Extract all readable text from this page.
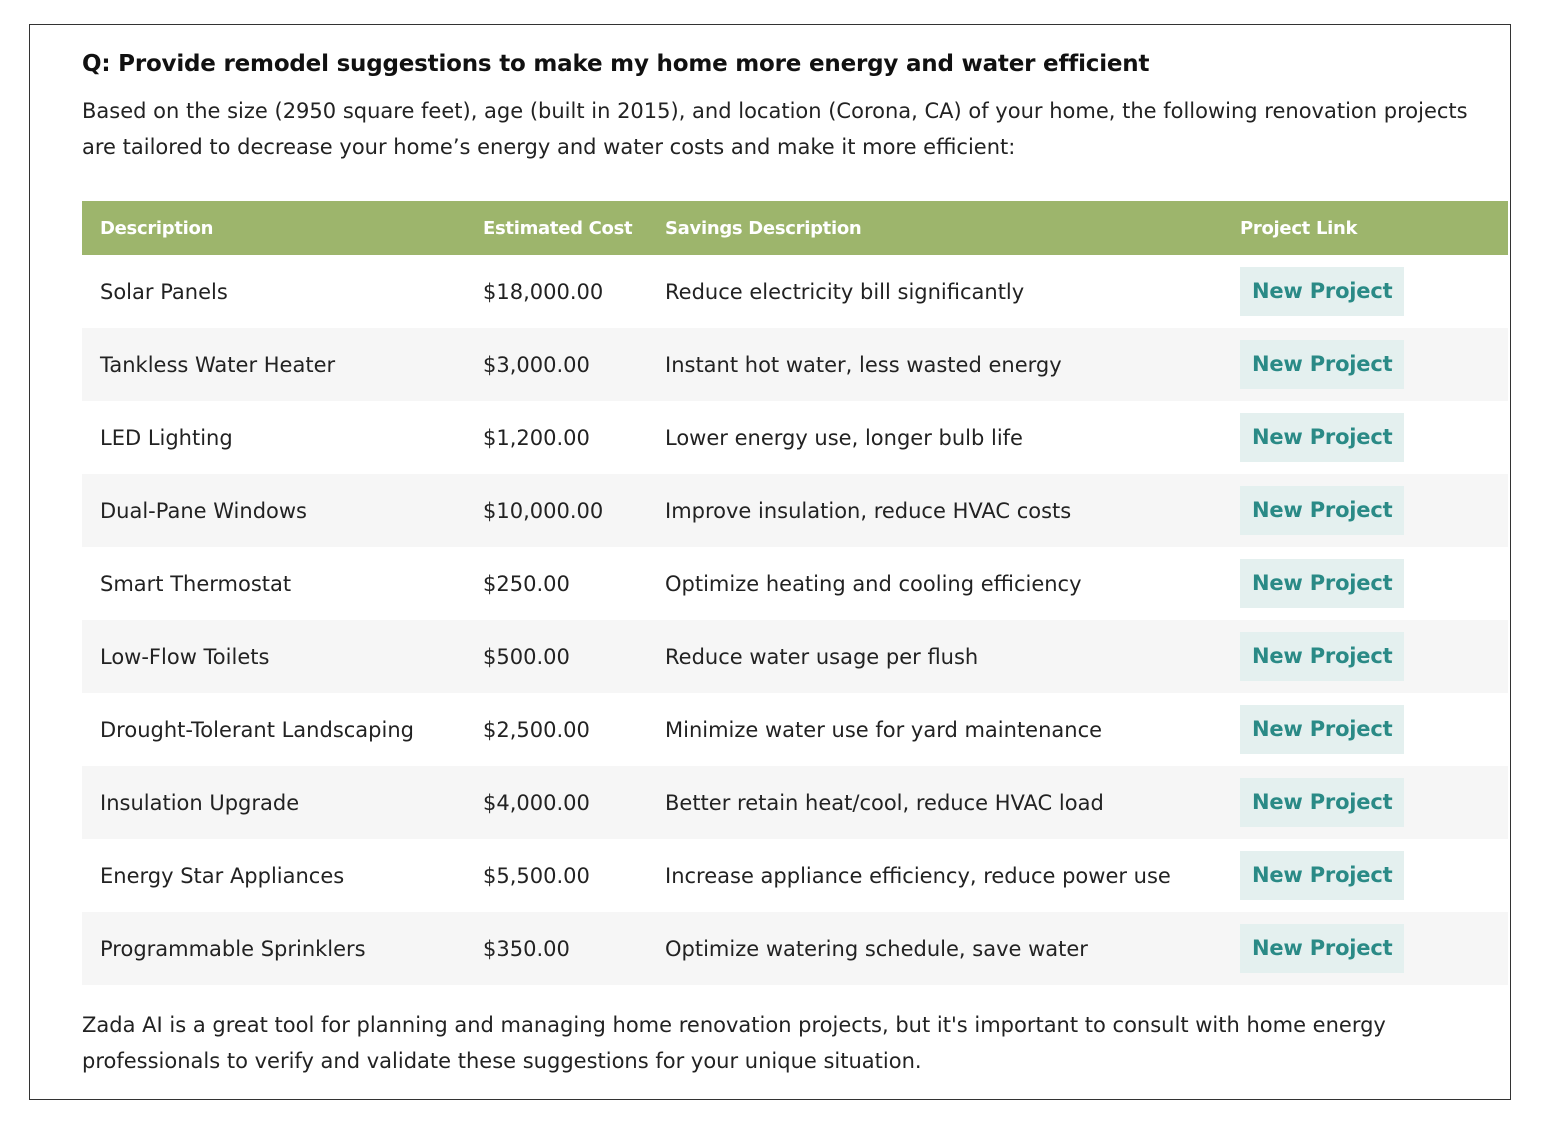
Q: Provide remodel suggestions to make my home more energy and water efficient
Based on the size (2950 square feet), age (built in 2015), and location (Corona, CA) of your home, the following renovation projects are tailored to decrease your home’s energy and water costs and make it more efficient:
Description	Estimated Cost	Savings Description	Project Link
Solar Panels	$18,000.00	Reduce electricity bill significantly	New Project
Tankless Water Heater	$3,000.00	Instant hot water, less wasted energy	New Project
LED Lighting	$1,200.00	Lower energy use, longer bulb life	New Project
Dual-Pane Windows	$10,000.00	Improve insulation, reduce HVAC costs	New Project
Smart Thermostat	$250.00	Optimize heating and cooling efficiency	New Project
Low-Flow Toilets	$500.00	Reduce water usage per flush	New Project
Drought-Tolerant Landscaping	$2,500.00	Minimize water use for yard maintenance	New Project
Insulation Upgrade	$4,000.00	Better retain heat/cool, reduce HVAC load	New Project
Energy Star Appliances	$5,500.00	Increase appliance efficiency, reduce power use	New Project
Programmable Sprinklers	$350.00	Optimize watering schedule, save water	New Project
Zada AI is a great tool for planning and managing home renovation projects, but it's important to consult with home energy professionals to verify and validate these suggestions for your unique situation.
